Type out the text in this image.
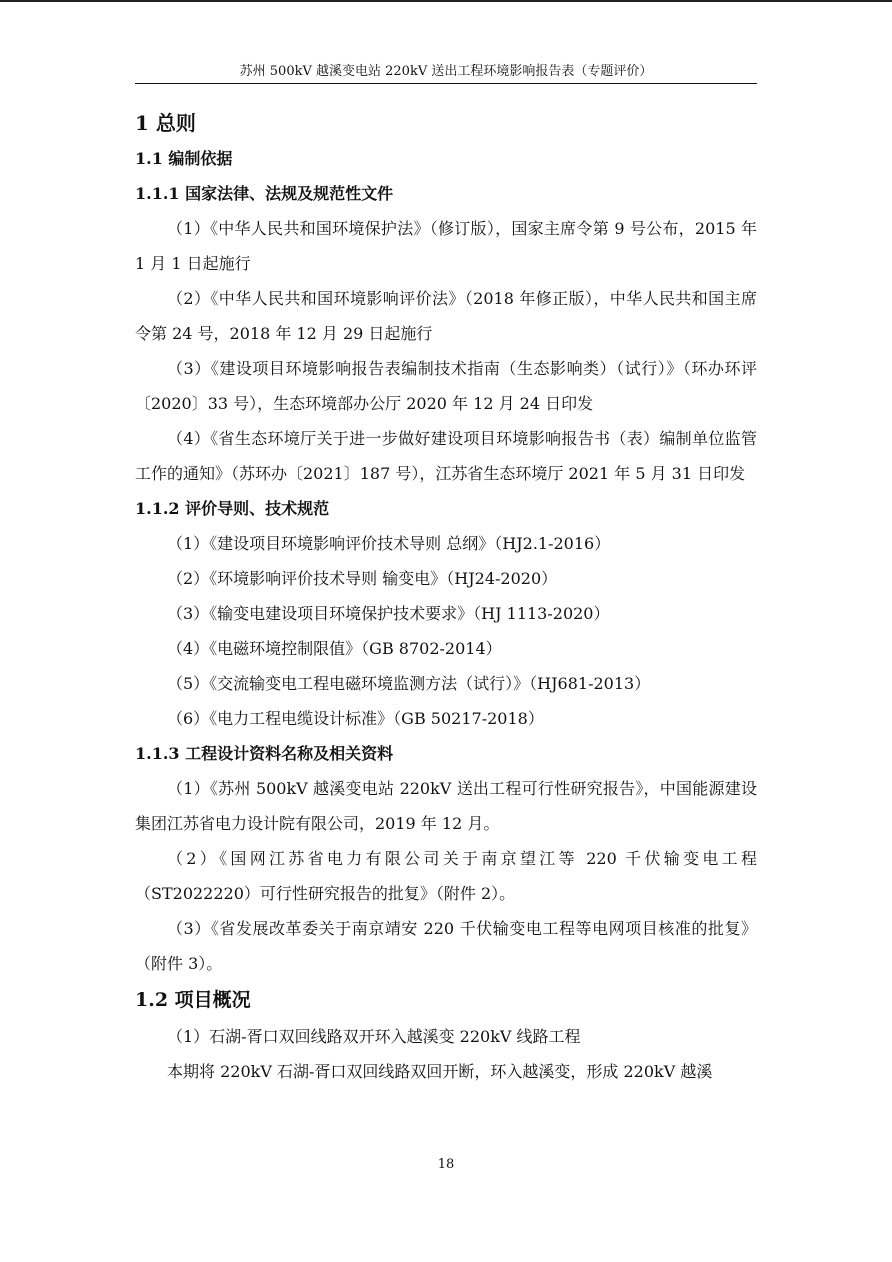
苏州 500kV 越溪变电站 220kV 送出工程环境影响报告表（专题评价）
1 总则
1.1 编制依据
1.1.1 国家法律、法规及规范性文件

（1）《中华人民共和国环境保护法》（修订版），国家主席令第 9 号公布，2015 年 1 月 1 日起施行

（2）《中华人民共和国环境影响评价法》（2018 年修正版），中华人民共和国主席令第 24 号，2018 年 12 月 29 日起施行

（3）《建设项目环境影响报告表编制技术指南（生态影响类）（试行）》（环办环评〔2020〕33 号），生态环境部办公厅 2020 年 12 月 24 日印发

（4）《省生态环境厅关于进一步做好建设项目环境影响报告书（表）编制单位监管工作的通知》（苏环办〔2021〕187 号），江苏省生态环境厅 2021 年 5 月 31 日印发

1.1.2 评价导则、技术规范

（1）《建设项目环境影响评价技术导则 总纲》（HJ2.1-2016）

（2）《环境影响评价技术导则 输变电》（HJ24-2020）

（3）《输变电建设项目环境保护技术要求》（HJ 1113-2020）

（4）《电磁环境控制限值》（GB 8702-2014）

（5）《交流输变电工程电磁环境监测方法（试行）》（HJ681-2013）

（6）《电力工程电缆设计标准》（GB 50217-2018）

1.1.3 工程设计资料名称及相关资料

（1）《苏州 500kV 越溪变电站 220kV 送出工程可行性研究报告》，中国能源建设集团江苏省电力设计院有限公司，2019 年 12 月。

（2）《国网江苏省电力有限公司关于南京望江等 220 千伏输变电工程（ST2022220）可行性研究报告的批复》（附件 2）。

（3）《省发展改革委关于南京靖安 220 千伏输变电工程等电网项目核准的批复》（附件 3）。

1.2 项目概况

（1）石湖-胥口双回线路双开环入越溪变 220kV 线路工程

本期将 220kV 石湖-胥口双回线路双回开断，环入越溪变，形成 220kV 越溪

18
